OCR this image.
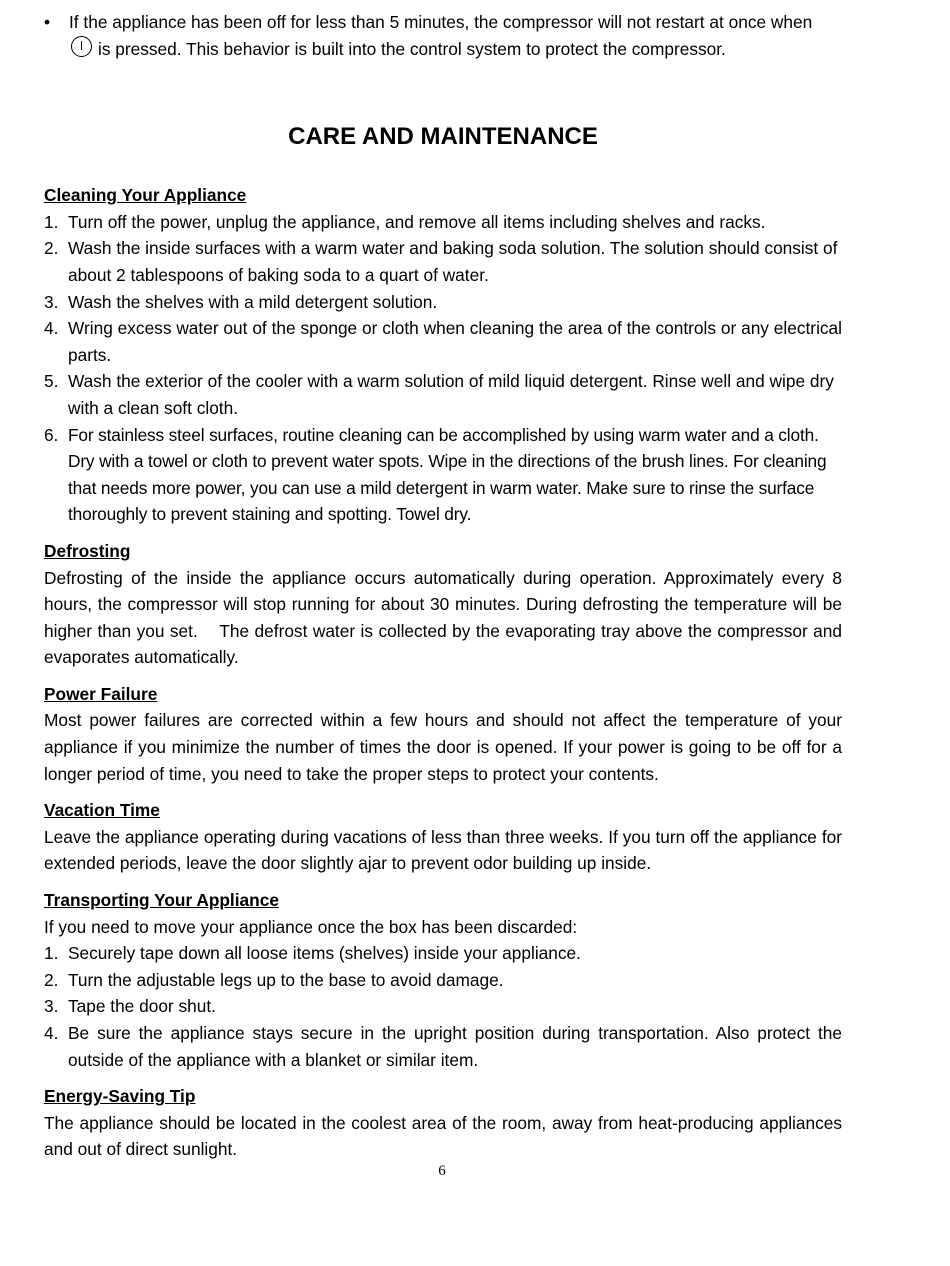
•	If the appliance has been off for less than 5 minutes, the compressor will not restart at once when
is pressed. This behavior is built into the control system to protect the compressor.
CARE AND MAINTENANCE
Cleaning Your Appliance
1. Turn off the power, unplug the appliance, and remove all items including shelves and racks.
2. Wash the inside surfaces with a warm water and baking soda solution. The solution should consist of about 2 tablespoons of baking soda to a quart of water.
3. Wash the shelves with a mild detergent solution.
4. Wring excess water out of the sponge or cloth when cleaning the area of the controls or any electrical parts.
5. Wash the exterior of the cooler with a warm solution of mild liquid detergent. Rinse well and wipe dry with a clean soft cloth.
6. For stainless steel surfaces, routine cleaning can be accomplished by using warm water and a cloth. Dry with a towel or cloth to prevent water spots. Wipe in the directions of the brush lines. For cleaning that needs more power, you can use a mild detergent in warm water. Make sure to rinse the surface thoroughly to prevent staining and spotting. Towel dry.
Defrosting

Defrosting of the inside the appliance occurs automatically during operation. Approximately every 8 hours, the compressor will stop running for about 30 minutes. During defrosting the temperature will be higher than you set.    The defrost water is collected by the evaporating tray above the compressor and evaporates automatically.

Power Failure

Most power failures are corrected within a few hours and should not affect the temperature of your appliance if you minimize the number of times the door is opened. If your power is going to be off for a longer period of time, you need to take the proper steps to protect your contents.

Vacation Time

Leave the appliance operating during vacations of less than three weeks. If you turn off the appliance for extended periods, leave the door slightly ajar to prevent odor building up inside.

Transporting Your Appliance

If you need to move your appliance once the box has been discarded:

1. Securely tape down all loose items (shelves) inside your appliance.
2. Turn the adjustable legs up to the base to avoid damage.
3. Tape the door shut.
4. Be sure the appliance stays secure in the upright position during transportation. Also protect the outside of the appliance with a blanket or similar item.
Energy-Saving Tip

The appliance should be located in the coolest area of the room, away from heat-producing appliances and out of direct sunlight.

6
